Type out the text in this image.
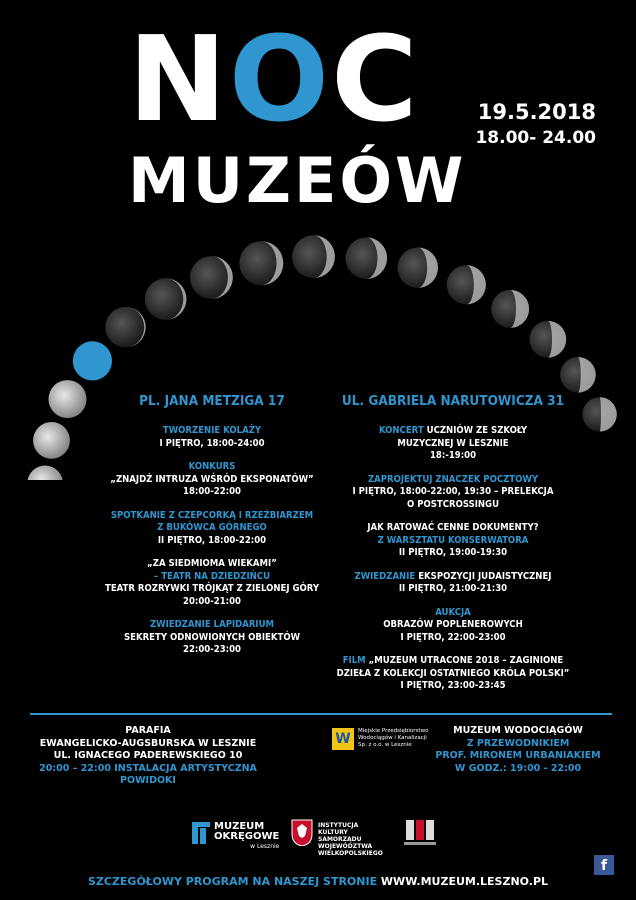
NOC
MUZEÓW
19.5.2018
18.00- 24.00
PL. JANA METZIGA 17
TWORZENIE KOLAŻY
I PIĘTRO, 18:00-24:00
KONKURS
„ZNAJDŹ INTRUZA WŚRÓD EKSPONATÓW”
18:00-22:00
SPOTKANIE Z CZEPCORKĄ I RZEŹBIARZEM
Z BUKÓWCA GÓRNEGO
II PIĘTRO, 18:00-22:00
„ZA SIEDMIOMA WIEKAMI”
– TEATR NA DZIEDZIŃCU
TEATR ROZRYWKI TRÓJKĄT Z ZIELONEJ GÓRY
20:00-21:00
ZWIEDZANIE LAPIDARIUM
SEKRETY ODNOWIONYCH OBIEKTÓW
22:00-23:00
UL. GABRIELA NARUTOWICZA 31
KONCERT UCZNIÓW ZE SZKOŁY
MUZYCZNEJ W LESZNIE
18:-19:00
ZAPROJEKTUJ ZNACZEK POCZTOWY
I PIĘTRO, 18:00-22:00, 19:30 – PRELEKCJA
O POSTCROSSINGU
JAK RATOWAĆ CENNE DOKUMENTY?
Z WARSZTATU KONSERWATORA
II PIĘTRO, 19:00-19:30
ZWIEDZANIE EKSPOZYCJI JUDAISTYCZNEJ
II PIĘTRO, 21:00-21:30
AUKCJA
OBRAZÓW POPLENEROWYCH
I PIĘTRO, 22:00-23:00
FILM „MUZEUM UTRACONE 2018 – ZAGINIONE
DZIEŁA Z KOLEKCJI OSTATNIEGO KRÓLA POLSKI”
I PIĘTRO, 23:00-23:45
PARAFIA
EWANGELICKO-AUGSBURSKA W LESZNIE
UL. IGNACEGO PADEREWSKIEGO 10
20:00 – 22:00 INSTALACJA ARTYSTYCZNA
POWIDOKI
W Miejskie Przedsiębiorstwo Wodociągów i Kanalizacji Sp. z o.o. w Lesznie
MUZEUM WODOCIĄGÓW
Z PRZEWODNIKIEM
PROF. MIRONEM URBANIAKIEM
W GODZ.: 19:00 - 22:00
MUZEUM
OKRĘGOWE
w Lesznie
INSTYTUCJA KULTURY SAMORZĄDU WOJEWÓDZTWA WIELKOPOLSKIEGO
f
SZCZEGÓŁOWY PROGRAM NA NASZEJ STRONIE WWW.MUZEUM.LESZNO.PL
